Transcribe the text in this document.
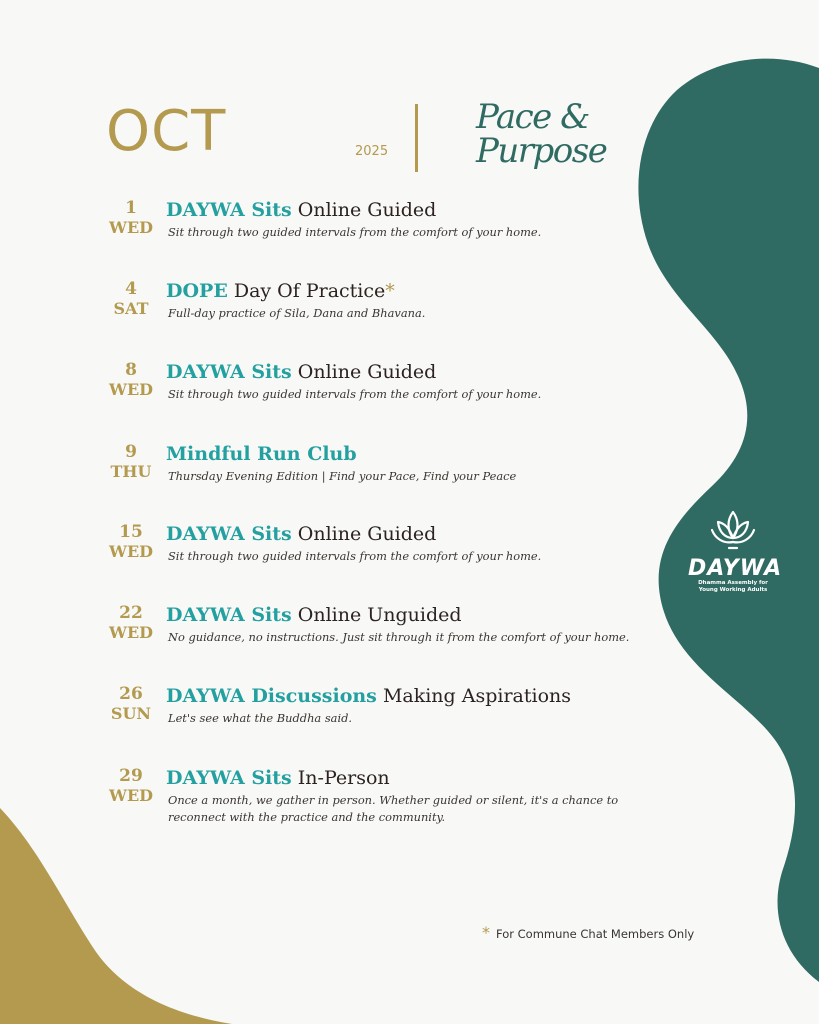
OCT	2025
Pace &
Purpose
1
WED
DAYWA Sits Online Guided
Sit through two guided intervals from the comfort of your home.
4
SAT
DOPE Day Of Practice*
Full-day practice of Sila, Dana and Bhavana.
8
WED
DAYWA Sits Online Guided
Sit through two guided intervals from the comfort of your home.
9
THU
Mindful Run Club
Thursday Evening Edition | Find your Pace, Find your Peace
15
WED
DAYWA Sits Online Guided
Sit through two guided intervals from the comfort of your home.
22
WED
DAYWA Sits Online Unguided
No guidance, no instructions. Just sit through it from the comfort of your home.
26
SUN
DAYWA Discussions Making Aspirations
Let's see what the Buddha said.
29
WED
DAYWA Sits In-Person
Once a month, we gather in person. Whether guided or silent, it's a chance to reconnect with the practice and the community.
DAYWA
Dhamma Assembly for
Young Working Adults
* For Commune Chat Members Only
